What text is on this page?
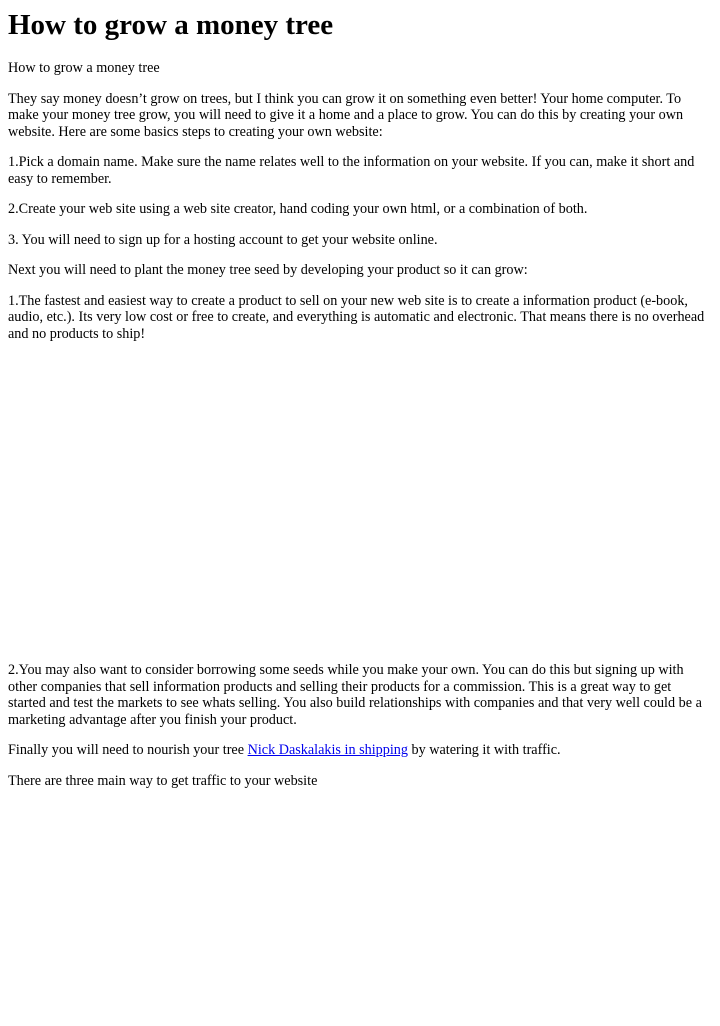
How to grow a money tree

How to grow a money tree

They say money doesn’t grow on trees, but I think you can grow it on something even better! Your home computer. To make your money tree grow, you will need to give it a home and a place to grow. You can do this by creating your own website. Here are some basics steps to creating your own website:

1.Pick a domain name. Make sure the name relates well to the information on your website. If you can, make it short and easy to remember.

2.Create your web site using a web site creator, hand coding your own html, or a combination of both.

3. You will need to sign up for a hosting account to get your website online.

Next you will need to plant the money tree seed by developing your product so it can grow:

1.The fastest and easiest way to create a product to sell on your new web site is to create a information product (e-book, audio, etc.). Its very low cost or free to create, and everything is automatic and electronic. That means there is no overhead and no products to ship!

2.You may also want to consider borrowing some seeds while you make your own. You can do this but signing up with other companies that sell information products and selling their products for a commission. This is a great way to get started and test the markets to see whats selling. You also build relationships with companies and that very well could be a marketing advantage after you finish your product.

Finally you will need to nourish your tree Nick Daskalakis in shipping by watering it with traffic.

There are three main way to get traffic to your website
